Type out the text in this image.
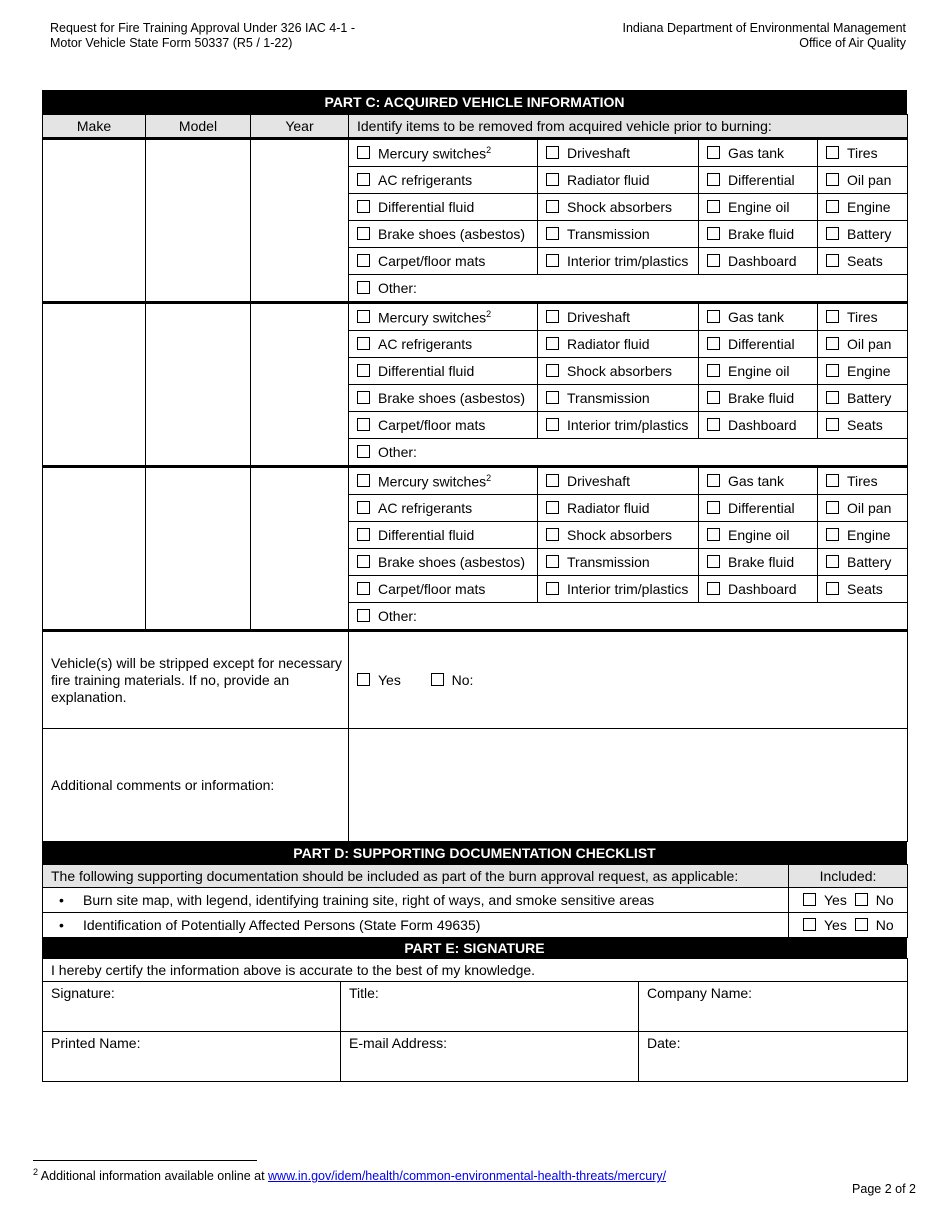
Request for Fire Training Approval Under 326 IAC 4-1 -
Motor Vehicle State Form 50337 (R5 / 1-22)
Indiana Department of Environmental Management
Office of Air Quality
PART C: ACQUIRED VEHICLE INFORMATION
Make	Model	Year	Identify items to be removed from acquired vehicle prior to burning:			
			Mercury switches$^2$	Driveshaft	Gas tank	Tires
			AC refrigerants	Radiator fluid	Differential	Oil pan
			Differential fluid	Shock absorbers	Engine oil	Engine
			Brake shoes (asbestos)	Transmission	Brake fluid	Battery
			Carpet/floor mats	Interior trim/plastics	Dashboard	Seats
			Other:			
			Mercury switches$^2$	Driveshaft	Gas tank	Tires
			AC refrigerants	Radiator fluid	Differential	Oil pan
			Differential fluid	Shock absorbers	Engine oil	Engine
			Brake shoes (asbestos)	Transmission	Brake fluid	Battery
			Carpet/floor mats	Interior trim/plastics	Dashboard	Seats
			Other:			
			Mercury switches$^2$	Driveshaft	Gas tank	Tires
			AC refrigerants	Radiator fluid	Differential	Oil pan
			Differential fluid	Shock absorbers	Engine oil	Engine
			Brake shoes (asbestos)	Transmission	Brake fluid	Battery
			Carpet/floor mats	Interior trim/plastics	Dashboard	Seats
			Other:			
Vehicle(s) will be stripped except for necessary fire training materials. If no, provide an explanation.			Yes No:			
Additional comments or information:						
PART D: SUPPORTING DOCUMENTATION CHECKLIST
The following supporting documentation should be included as part of the burn approval request, as applicable:	Included:
• Burn site map, with legend, identifying training site, right of ways, and smoke sensitive areas	Yes No
• Identification of Potentially Affected Persons (State Form 49635)	Yes No
PART E: SIGNATURE
I hereby certify the information above is accurate to the best of my knowledge.		
Signature:	Title:	Company Name:
Printed Name:	E-mail Address:	Date:
$^2$ Additional information available online at www.in.gov/idem/health/common-environmental-health-threats/mercury/
Page 2 of 2
